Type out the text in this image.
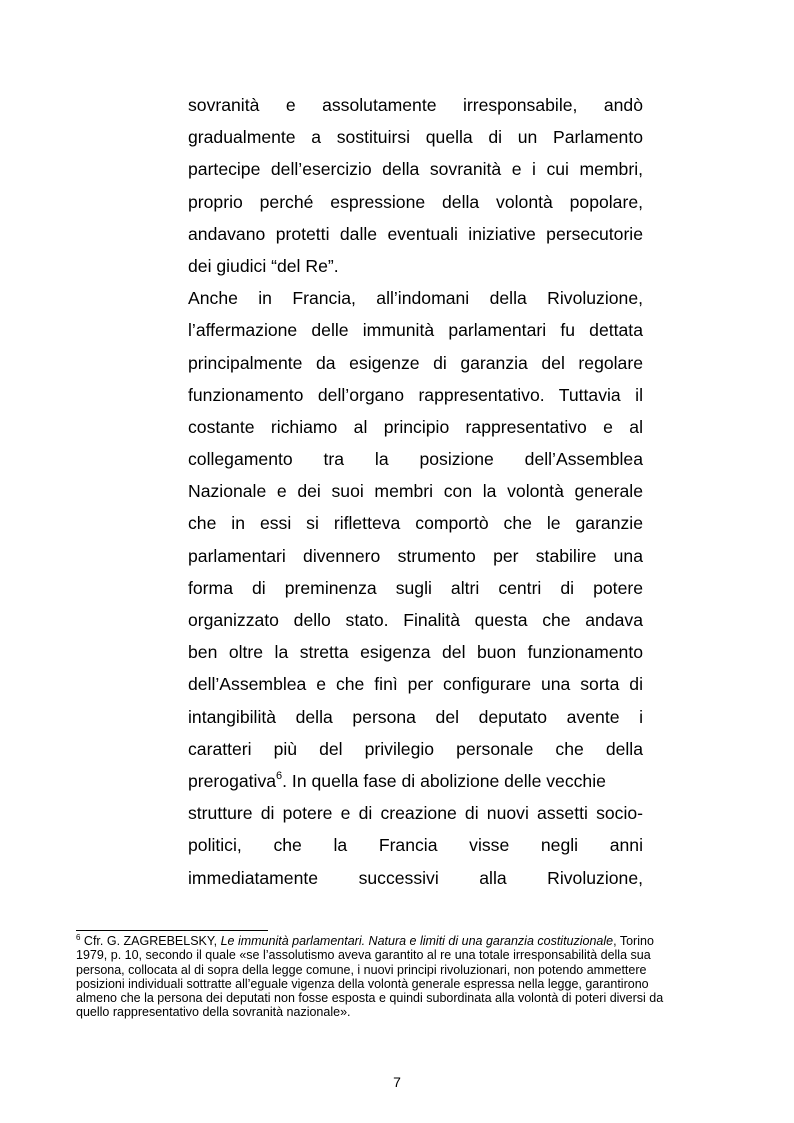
sovranità e assolutamente irresponsabile, andò
gradualmente a sostituirsi quella di un Parlamento
partecipe dell’esercizio della sovranità e i cui membri,
proprio perché espressione della volontà popolare,
andavano protetti dalle eventuali iniziative persecutorie
dei giudici “del Re”.
Anche in Francia, all’indomani della Rivoluzione,
l’affermazione delle immunità parlamentari fu dettata
principalmente da esigenze di garanzia del regolare
funzionamento dell’organo rappresentativo. Tuttavia il
costante richiamo al principio rappresentativo e al
collegamento tra la posizione dell’Assemblea
Nazionale e dei suoi membri con la volontà generale
che in essi si rifletteva comportò che le garanzie
parlamentari divennero strumento per stabilire una
forma di preminenza sugli altri centri di potere
organizzato dello stato. Finalità questa che andava
ben oltre la stretta esigenza del buon funzionamento
dell’Assemblea e che finì per configurare una sorta di
intangibilità della persona del deputato avente i
caratteri più del privilegio personale che della
prerogativa$^6$. In quella fase di abolizione delle vecchie
strutture di potere e di creazione di nuovi assetti socio-
politici, che la Francia visse negli anni
immediatamente successivi alla Rivoluzione,
$^6$ Cfr. G. ZAGREBELSKY, Le immunità parlamentari. Natura e limiti di una garanzia costituzionale, Torino
1979, p. 10, secondo il quale «se l’assolutismo aveva garantito al re una totale irresponsabilità della sua
persona, collocata al di sopra della legge comune, i nuovi principi rivoluzionari, non potendo ammettere
posizioni individuali sottratte all’eguale vigenza della volontà generale espressa nella legge, garantirono
almeno che la persona dei deputati non fosse esposta e quindi subordinata alla volontà di poteri diversi da
quello rappresentativo della sovranità nazionale».
7
